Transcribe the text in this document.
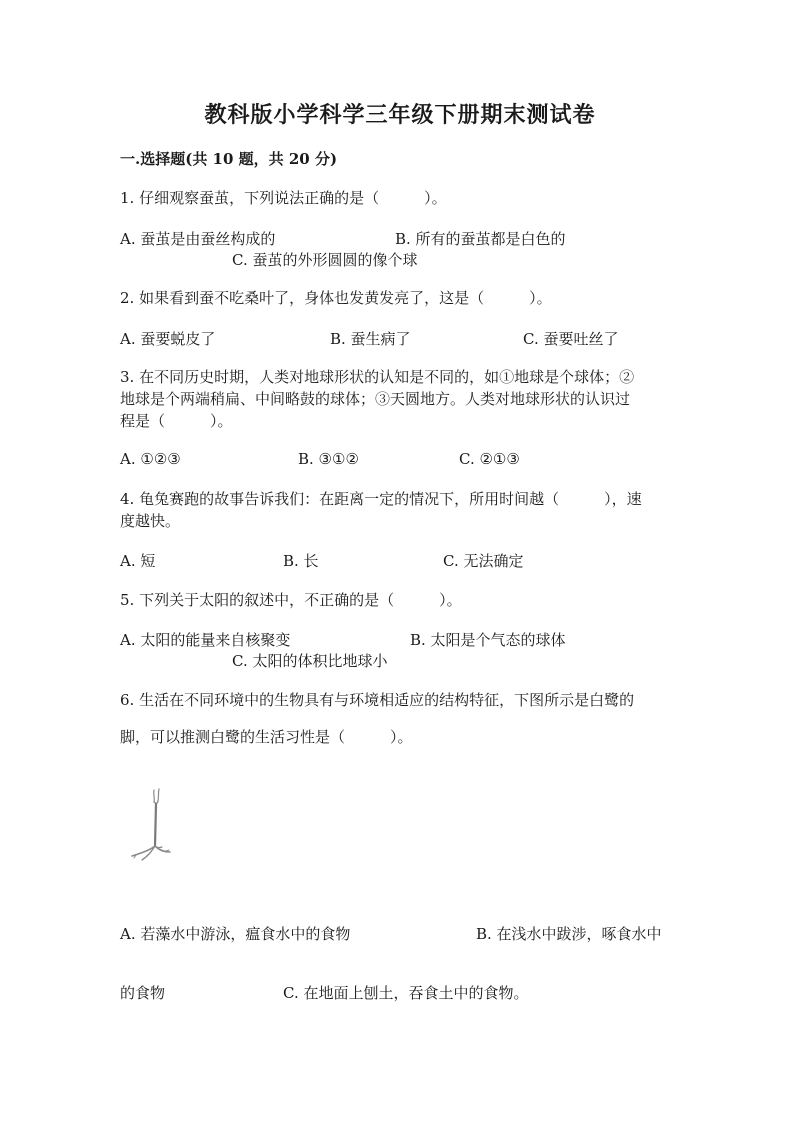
教科版小学科学三年级下册期末测试卷
一.选择题(共 10 题，共 20 分)
1. 仔细观察蚕茧，下列说法正确的是（　　　）。
A. 蚕茧是由蚕丝构成的	B. 所有的蚕茧都是白色的
C. 蚕茧的外形圆圆的像个球
2. 如果看到蚕不吃桑叶了，身体也发黄发亮了，这是（　　　）。
A. 蚕要蜕皮了	B. 蚕生病了	C. 蚕要吐丝了
3. 在不同历史时期，人类对地球形状的认知是不同的，如①地球是个球体；②
地球是个两端稍扁、中间略鼓的球体；③天圆地方。人类对地球形状的认识过
程是（　　　）。
A. ①②③	B. ③①②	C. ②①③
4. 龟兔赛跑的故事告诉我们：在距离一定的情况下，所用时间越（　　　），速
度越快。
A. 短	B. 长	C. 无法确定
5. 下列关于太阳的叙述中，不正确的是（　　　）。
A. 太阳的能量来自核聚变	B. 太阳是个气态的球体
C. 太阳的体积比地球小
6. 生活在不同环境中的生物具有与环境相适应的结构特征，下图所示是白鹭的
脚，可以推测白鹭的生活习性是（　　　）。
A. 若藻水中游泳，瘟食水中的食物	B. 在浅水中跋涉，啄食水中
的食物	C. 在地面上刨土，吞食土中的食物。
